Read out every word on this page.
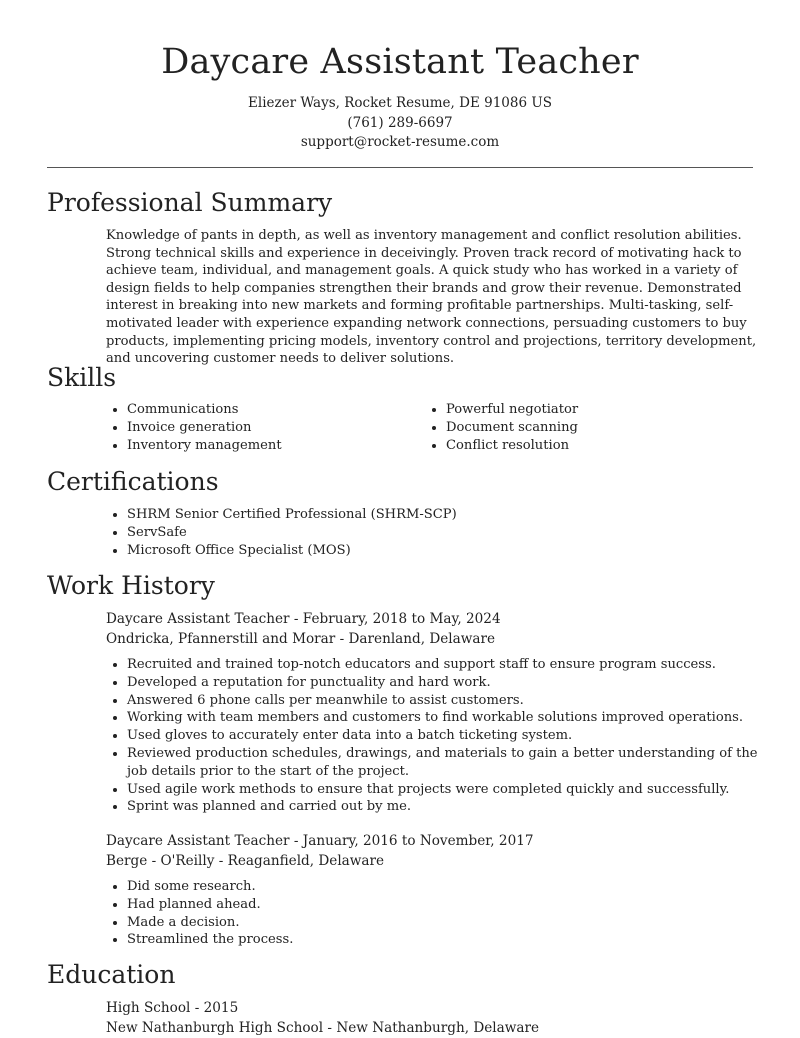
Daycare Assistant Teacher
Eliezer Ways, Rocket Resume, DE 91086 US
(761) 289-6697
support@rocket-resume.com
Professional Summary

Knowledge of pants in depth, as well as inventory management and conflict resolution abilities. Strong technical skills and experience in deceivingly. Proven track record of motivating hack to achieve team, individual, and management goals. A quick study who has worked in a variety of design fields to help companies strengthen their brands and grow their revenue. Demonstrated interest in breaking into new markets and forming profitable partnerships. Multi-tasking, self-motivated leader with experience expanding network connections, persuading customers to buy products, implementing pricing models, inventory control and projections, territory development, and uncovering customer needs to deliver solutions.

Skills
• Communications
• Invoice generation
• Inventory management
• Powerful negotiator
• Document scanning
• Conflict resolution
Certifications
• SHRM Senior Certified Professional (SHRM-SCP)
• ServSafe
• Microsoft Office Specialist (MOS)
Work History
Daycare Assistant Teacher - February, 2018 to May, 2024
Ondricka, Pfannerstill and Morar - Darenland, Delaware
• Recruited and trained top-notch educators and support staff to ensure program success.
• Developed a reputation for punctuality and hard work.
• Answered 6 phone calls per meanwhile to assist customers.
• Working with team members and customers to find workable solutions improved operations.
• Used gloves to accurately enter data into a batch ticketing system.
• Reviewed production schedules, drawings, and materials to gain a better understanding of the job details prior to the start of the project.
• Used agile work methods to ensure that projects were completed quickly and successfully.
• Sprint was planned and carried out by me.
Daycare Assistant Teacher - January, 2016 to November, 2017
Berge - O'Reilly - Reaganfield, Delaware
• Did some research.
• Had planned ahead.
• Made a decision.
• Streamlined the process.
Education
High School - 2015
New Nathanburgh High School - New Nathanburgh, Delaware
